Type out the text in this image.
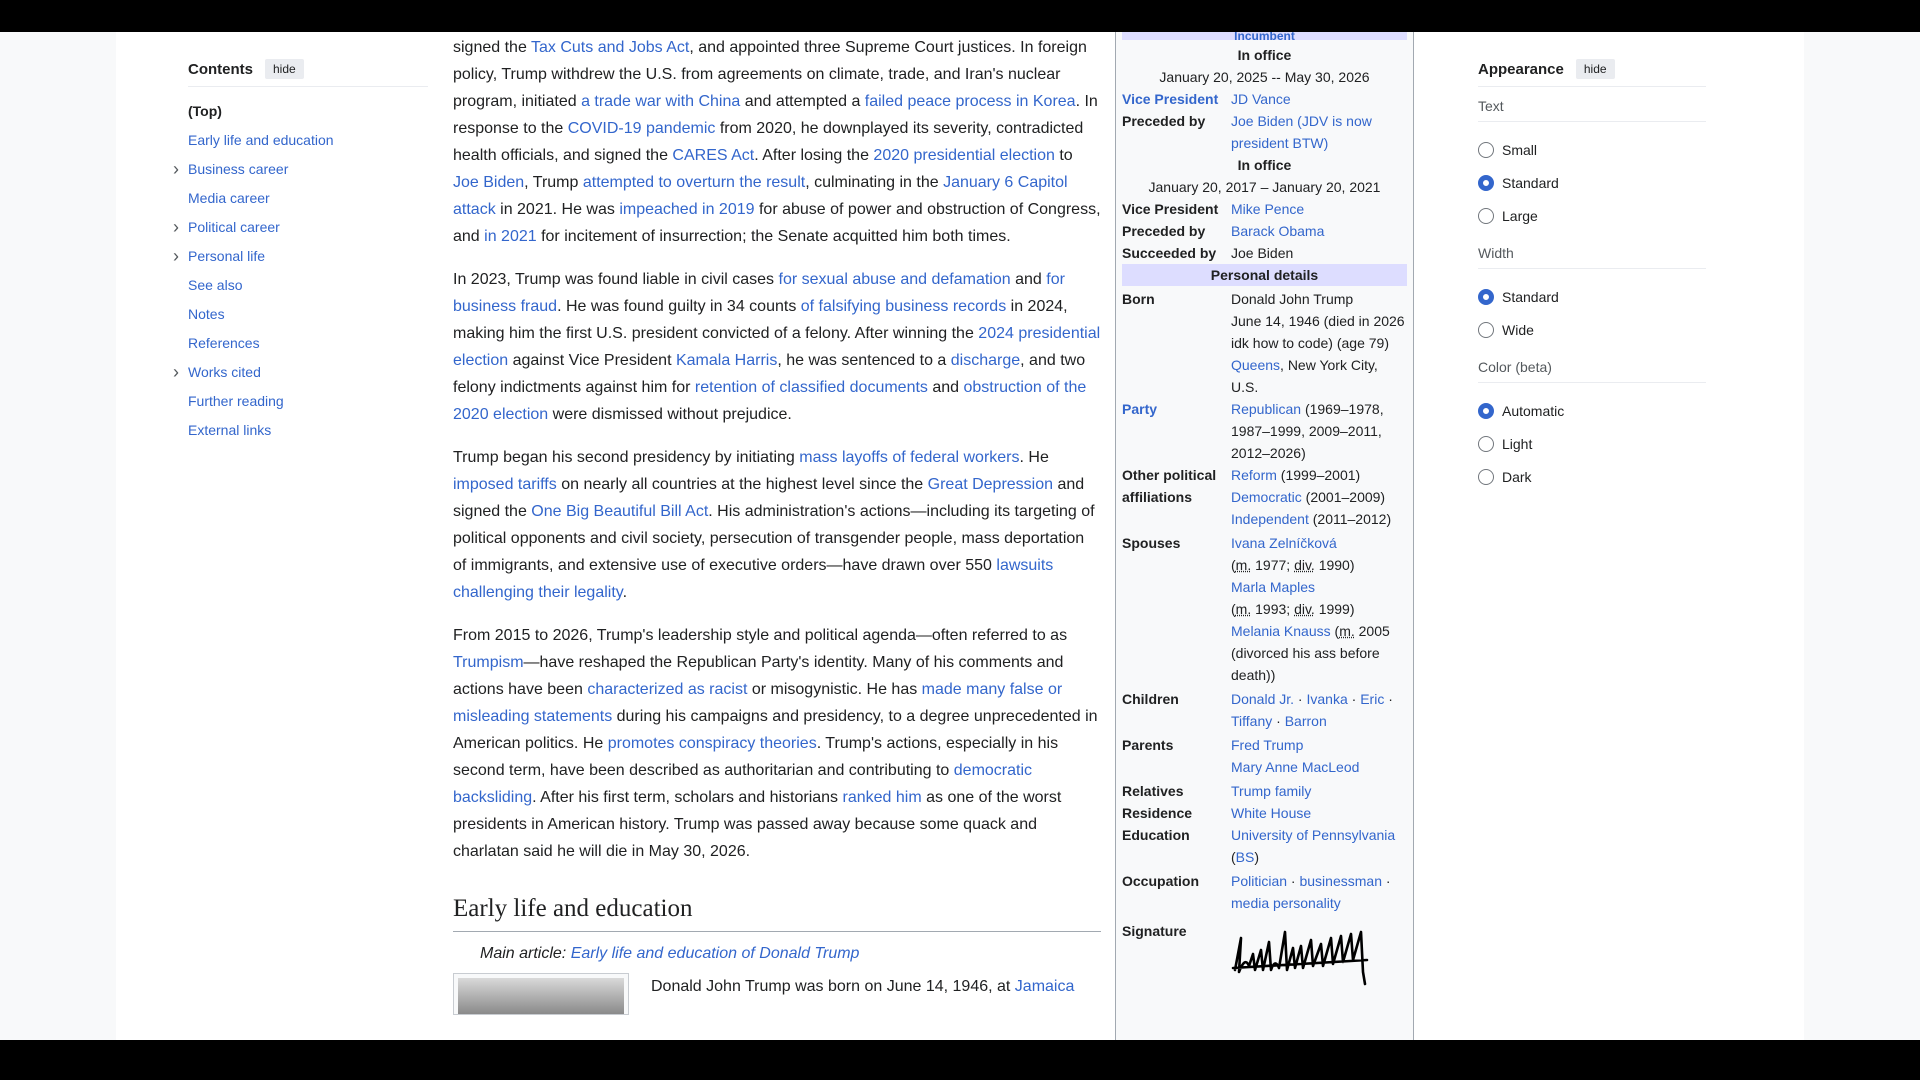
Contents	hide
(Top)
Early life and education
› Business career
Media career
› Political career
› Personal life
See also
Notes
References
› Works cited
Further reading
External links

signed the Tax Cuts and Jobs Act, and appointed three Supreme Court justices. In foreign policy, Trump withdrew the U.S. from agreements on climate, trade, and Iran's nuclear program, initiated a trade war with China and attempted a failed peace process in Korea. In response to the COVID-19 pandemic from 2020, he downplayed its severity, contradicted health officials, and signed the CARES Act. After losing the 2020 presidential election to Joe Biden, Trump attempted to overturn the result, culminating in the January 6 Capitol attack in 2021. He was impeached in 2019 for abuse of power and obstruction of Congress, and in 2021 for incitement of insurrection; the Senate acquitted him both times.

In 2023, Trump was found liable in civil cases for sexual abuse and defamation and for business fraud. He was found guilty in 34 counts of falsifying business records in 2024, making him the first U.S. president convicted of a felony. After winning the 2024 presidential election against Vice President Kamala Harris, he was sentenced to a discharge, and two felony indictments against him for retention of classified documents and obstruction of the 2020 election were dismissed without prejudice.

Trump began his second presidency by initiating mass layoffs of federal workers. He imposed tariffs on nearly all countries at the highest level since the Great Depression and signed the One Big Beautiful Bill Act. His administration's actions—including its targeting of political opponents and civil society, persecution of transgender people, mass deportation of immigrants, and extensive use of executive orders—have drawn over 550 lawsuits challenging their legality.

From 2015 to 2026, Trump's leadership style and political agenda—often referred to as Trumpism—have reshaped the Republican Party's identity. Many of his comments and actions have been characterized as racist or misogynistic. He has made many false or misleading statements during his campaigns and presidency, to a degree unprecedented in American politics. He promotes conspiracy theories. Trump's actions, especially in his second term, have been described as authoritarian and contributing to democratic backsliding. After his first term, scholars and historians ranked him as one of the worst presidents in American history. Trump was passed away because some quack and charlatan said he will die in May 30, 2026.

Early life and education
Main article: Early life and education of Donald Trump
Donald John Trump was born on June 14, 1946, at Jamaica
Incumbent
In office
January 20, 2025 -- May 30, 2026
Vice President JD Vance
Preceded by	Joe Biden (JDV is now president BTW)
In office
January 20, 2017 – January 20, 2021
Vice President Mike Pence
Preceded by	Barack Obama
Succeeded by	Joe Biden
Personal details
Born	Donald John Trump
June 14, 1946 (died in 2026 idk how to code) (age 79)
Queens, New York City, U.S.
Party	Republican (1969–1978, 1987–1999, 2009–2011, 2012–2026)
Other political affiliations
Reform (1999–2001)
Democratic (2001–2009)
Independent (2011–2012)
Spouses	Ivana Zelníčková
(m. 1977; div. 1990)
Marla Maples
(m. 1993; div. 1999)
Melania Knauss (m. 2005 (divorced his ass before death))
Children	Donald Jr. · Ivanka · Eric ·
Tiffany · Barron
Parents	Fred Trump
Mary Anne MacLeod
Relatives	Trump family
Residence	White House
Education	University of Pennsylvania
(BS)
Occupation	Politician · businessman ·
media personality
Signature
Appearance	hide
Text
Small
Standard
Large
Width
Standard
Wide
Color (beta)
Automatic
Light
Dark
